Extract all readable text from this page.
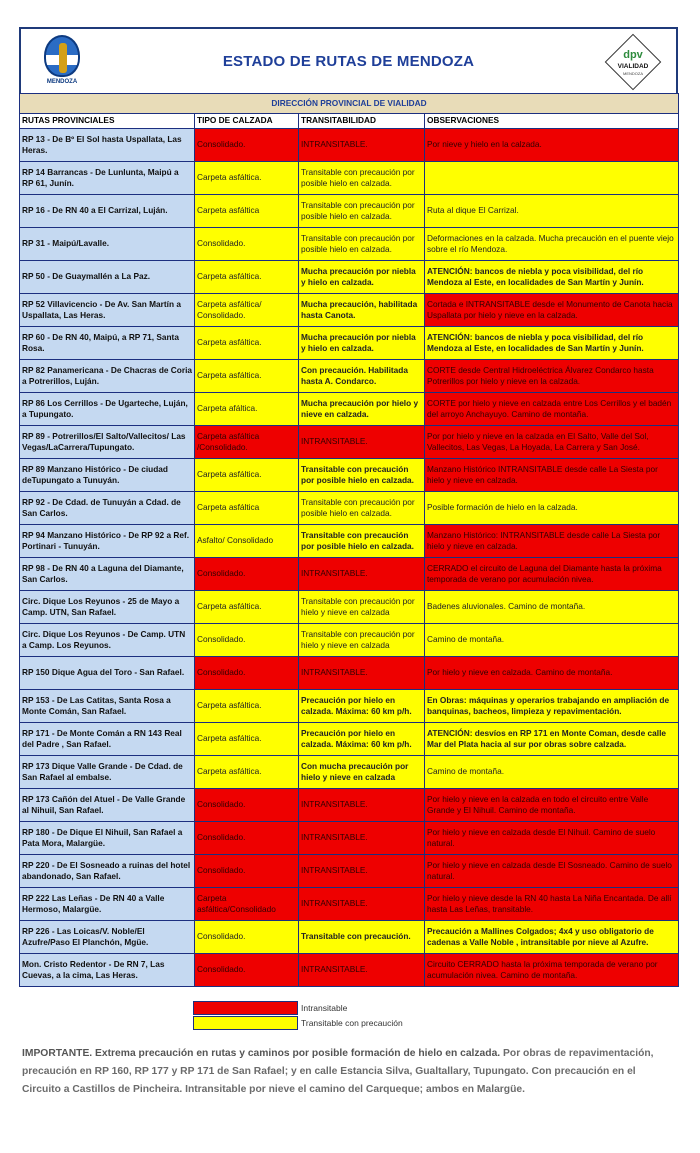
MENDOZA
ESTADO DE RUTAS DE MENDOZA	dpv
VIALIDAD
MENDOZA
DIRECCIÓN PROVINCIAL DE VIALIDAD			
RUTAS PROVINCIALES	TIPO DE CALZADA	TRANSITABILIDAD	OBSERVACIONES
RP 13 - De Bº El Sol hasta Uspallata, Las Heras.	Consolidado.	INTRANSITABLE.	Por nieve y hielo en la calzada.
RP 14 Barrancas - De Lunlunta, Maipú a RP 61, Junín.	Carpeta asfáltica.	Transitable con precaución por posible hielo en calzada.	
RP 16 - De RN 40 a El Carrizal, Luján.	Carpeta asfáltica	Transitable con precaución por posible hielo en calzada.	Ruta al dique El Carrizal.
RP 31 - Maipú/Lavalle.	Consolidado.	Transitable con precaución por posible hielo en calzada.	Deformaciones en la calzada. Mucha precaución en el puente viejo sobre el río Mendoza.
RP 50 - De Guaymallén a La Paz.	Carpeta asfáltica.	Mucha precaución por niebla y hielo en calzada.	ATENCIÓN: bancos de niebla y poca visibilidad, del río Mendoza al Este, en localidades de San Martín y Junín.
RP 52 Villavicencio - De Av. San Martín a Uspallata, Las Heras.	Carpeta asfáltica/ Consolidado.	Mucha precaución, habilitada hasta Canota.	Cortada e INTRANSITABLE desde el Monumento de Canota hacia Uspallata por hielo y nieve en la calzada.
RP 60 - De RN 40, Maipú, a RP 71, Santa Rosa.	Carpeta asfáltica.	Mucha precaución por niebla y hielo en calzada.	ATENCIÓN: bancos de niebla y poca visibilidad, del río Mendoza al Este, en localidades de San Martín y Junín.
RP 82 Panamericana - De Chacras de Coria a Potrerillos, Luján.	Carpeta asfáltica.	Con precaución. Habilitada hasta A. Condarco.	CORTE desde Central Hidroeléctrica Álvarez Condarco hasta Potrerillos por hielo y nieve en la calzada.
RP 86 Los Cerrillos - De Ugarteche, Luján, a Tupungato.	Carpeta afáltica.	Mucha precaución por hielo y nieve en calzada.	CORTE por hielo y nieve en calzada entre Los Cerrillos y el badén del arroyo Anchayuyo. Camino de montaña.
RP 89 - Potrerillos/El Salto/Vallecitos/ Las Vegas/LaCarrera/Tupungato.	Carpeta asfáltica /Consolidado.	INTRANSITABLE.	Por por hielo y nieve en la calzada en El Salto, Valle del Sol, Vallecitos, Las Vegas, La Hoyada, La Carrera y San José.
RP 89 Manzano Histórico - De ciudad deTupungato a Tunuyán.	Carpeta asfáltica.	Transitable con precaución por posible hielo en calzada.	Manzano Histórico INTRANSITABLE desde calle La Siesta por hielo y nieve en calzada.
RP 92 - De Cdad. de Tunuyán a Cdad. de San Carlos.	Carpeta asfáltica	Transitable con precaución por posible hielo en calzada.	Posible formación de hielo en la calzada.
RP 94 Manzano Histórico - De RP 92 a Ref. Portinari - Tunuyán.	Asfalto/ Consolidado	Transitable con precaución por posible hielo en calzada.	Manzano Histórico: INTRANSITABLE desde calle La Siesta por hielo y nieve en calzada.
RP 98 - De RN 40 a Laguna del Diamante, San Carlos.	Consolidado.	INTRANSITABLE.	CERRADO el circuito de Laguna del Diamante hasta la próxima temporada de verano por acumulación nivea.
Circ. Dique Los Reyunos - 25 de Mayo a Camp. UTN, San Rafael.	Carpeta asfáltica.	Transitable con precaución por hielo y nieve en calzada	Badenes aluvionales. Camino de montaña.
Circ. Dique Los Reyunos - De Camp. UTN a Camp. Los Reyunos.	Consolidado.	Transitable con precaución por hielo y nieve en calzada	Camino de montaña.
RP 150 Dique Agua del Toro - San Rafael.	Consolidado.	INTRANSITABLE.	Por hielo y nieve en calzada. Camino de montaña.
RP 153 - De Las Catitas, Santa Rosa a Monte Comán, San Rafael.	Carpeta asfáltica.	Precaución por hielo en calzada. Máxima: 60 km p/h.	En Obras: máquinas y operarios trabajando en ampliación de banquinas, bacheos, limpieza y repavimentación.
RP 171 - De Monte Comán a RN 143 Real del Padre , San Rafael.	Carpeta asfáltica.	Precaución por hielo en calzada. Máxima: 60 km p/h.	ATENCIÓN: desvíos en RP 171 en Monte Coman, desde calle Mar del Plata hacia al sur por obras sobre calzada.
RP 173 Dique Valle Grande - De Cdad. de San Rafael al embalse.	Carpeta asfáltica.	Con mucha precaución por hielo y nieve en calzada	Camino de montaña.
RP 173 Cañón del Atuel - De Valle Grande al Nihuil, San Rafael.	Consolidado.	INTRANSITABLE.	Por hielo y nieve en la calzada en todo el circuito entre Valle Grande y El Nihuil. Camino de montaña.
RP 180 - De Dique El Nihuil, San Rafael a Pata Mora, Malargüe.	Consolidado.	INTRANSITABLE.	Por hielo y nieve en calzada desde El Nihuil. Camino de suelo natural.
RP 220 - De El Sosneado a ruinas del hotel abandonado, San Rafael.	Consolidado.	INTRANSITABLE.	Por hielo y nieve en calzada desde El Sosneado. Camino de suelo natural.
RP 222 Las Leñas - De RN 40 a Valle Hermoso, Malargüe.	Carpeta asfáltica/Consolidado	INTRANSITABLE.	Por hielo y nieve desde la RN 40 hasta La Niña Encantada. De allí hasta Las Leñas, transitable.
RP 226 - Las Loicas/V. Noble/El Azufre/Paso El Planchón, Mgüe.	Consolidado.	Transitable con precaución.	Precaución a Mallines Colgados; 4x4 y uso obligatorio de cadenas a Valle Noble , intransitable por nieve al Azufre.
Mon. Cristo Redentor - De RN 7, Las Cuevas, a la cima, Las Heras.	Consolidado.	INTRANSITABLE.	Circuito CERRADO hasta la próxima temporada de verano por acumulación nivea. Camino de montaña.
Intransitable
Transitable con precaución
IMPORTANTE. Extrema precaución en rutas y caminos por posible formación de hielo en calzada. Por obras de repavimentación, precaución en RP 160, RP 177 y RP 171 de San Rafael; y en calle Estancia Silva, Gualtallary, Tupungato. Con precaución en el Circuito a Castillos de Pincheira. Intransitable por nieve el camino del Carqueque; ambos en Malargüe.
